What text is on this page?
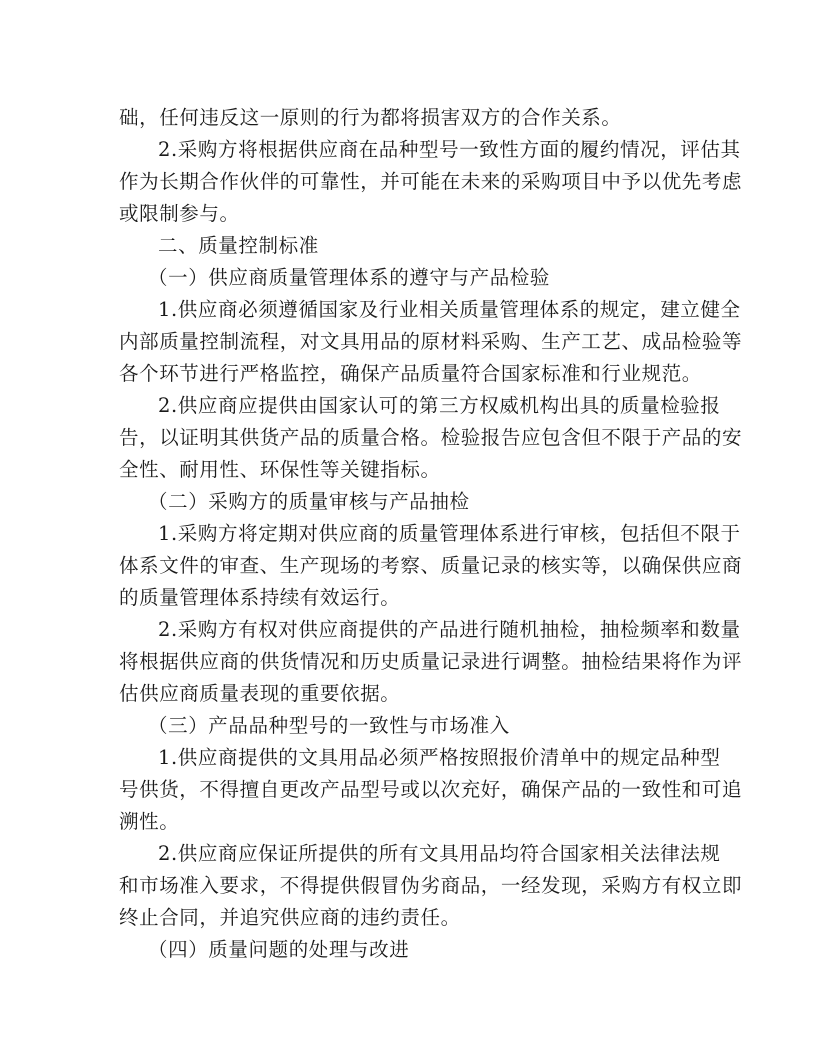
础，任何违反这一原则的行为都将损害双方的合作关系。
2.采购方将根据供应商在品种型号一致性方面的履约情况，评估其
作为长期合作伙伴的可靠性，并可能在未来的采购项目中予以优先考虑
或限制参与。
二、质量控制标准
（一）供应商质量管理体系的遵守与产品检验
1.供应商必须遵循国家及行业相关质量管理体系的规定，建立健全
内部质量控制流程，对文具用品的原材料采购、生产工艺、成品检验等
各个环节进行严格监控，确保产品质量符合国家标准和行业规范。
2.供应商应提供由国家认可的第三方权威机构出具的质量检验报
告，以证明其供货产品的质量合格。检验报告应包含但不限于产品的安
全性、耐用性、环保性等关键指标。
（二）采购方的质量审核与产品抽检
1.采购方将定期对供应商的质量管理体系进行审核，包括但不限于
体系文件的审查、生产现场的考察、质量记录的核实等，以确保供应商
的质量管理体系持续有效运行。
2.采购方有权对供应商提供的产品进行随机抽检，抽检频率和数量
将根据供应商的供货情况和历史质量记录进行调整。抽检结果将作为评
估供应商质量表现的重要依据。
（三）产品品种型号的一致性与市场准入
1.供应商提供的文具用品必须严格按照报价清单中的规定品种型
号供货，不得擅自更改产品型号或以次充好，确保产品的一致性和可追
溯性。
2.供应商应保证所提供的所有文具用品均符合国家相关法律法规
和市场准入要求，不得提供假冒伪劣商品，一经发现，采购方有权立即
终止合同，并追究供应商的违约责任。
（四）质量问题的处理与改进
